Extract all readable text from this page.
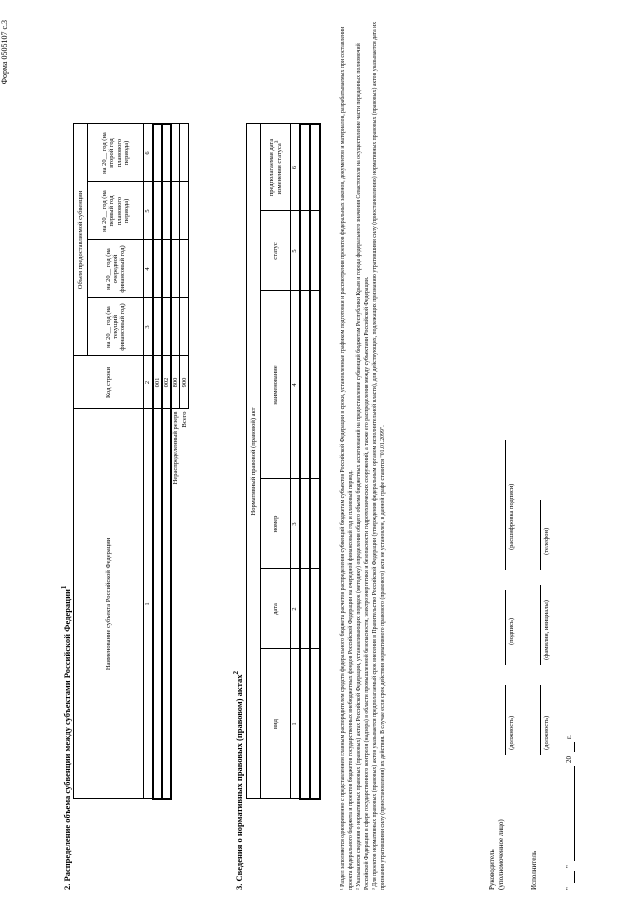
Форма 0505107 с.3
2. Распределение объема субвенции между субъектами Российской Федерации$^1$	Наименование субъекта Российской Федерации	Код строки	Объем предоставляемой субвенции			
		на 20__ год (на текущий финансовый год)	на 20__ год (на очередной финансовый год)	на 20__ год (на первый год планового периода)	на 20__ год (на второй год планового периода)
1	2	3	4	5	6
	001				
	002				
Нераспределенный резерв	800				
Всего	900				
3. Сведения о нормативных правовых (правовом) актах$^2$
Нормативный правовой (правовой) акт					
вид	дата	номер	наименование	статус	предполагаемая дата изменения статуса$^3$
1	2	3	4	5	6

						¹ Раздел заполняется одновременно с представлением главным распорядителем средств федерального бюджета расчетов распределения субвенций бюджетам субъектов Российской Федерации в сроки, установленные графиком подготовки и рассмотрения проектов федеральных законов, документов и материалов, разрабатываемых при составлении проекта федерального бюджета и проектов бюджетов государственных внебюджетных фондов Российской Федерации на очередной финансовый год и плановый период. ² Указываются сведения о нормативных правовых (правовых) актах Российской Федерации, устанавливающих порядок (методику) определения общего объема бюджетных ассигнований на предоставление субвенций бюджетам Республики Крым и города федерального значения Севастополя на осуществление части переданных полномочий Российской Федерации в сфере государственного контроля (надзора) в области промышленной безопасности, электроэнергетики и безопасности гидротехнических сооружений, а также его распределения между субъектами Российской Федерации. ³ Для проектов нормативных правовых (правовых) актов указывается предполагаемый срок внесения в Правительство Российской Федерации (утверждения федеральным органом исполнительной власти), для действующих, подлежащих признанию утратившими силу (приостановлению) нормативных правовых (правовых) актов указывается дата их признания утратившими силу (приостановления) их действия. В случае если срок действия нормативного правового (правового) акта не установлен, в данной графе ставится "01.01.2099".	Руководитель (уполномоченное лицо)
(должность)
(подпись)
(расшифровка подписи)
Исполнитель
(должность)
(фамилия, инициалы)
(телефон)
"
"
20
г.
